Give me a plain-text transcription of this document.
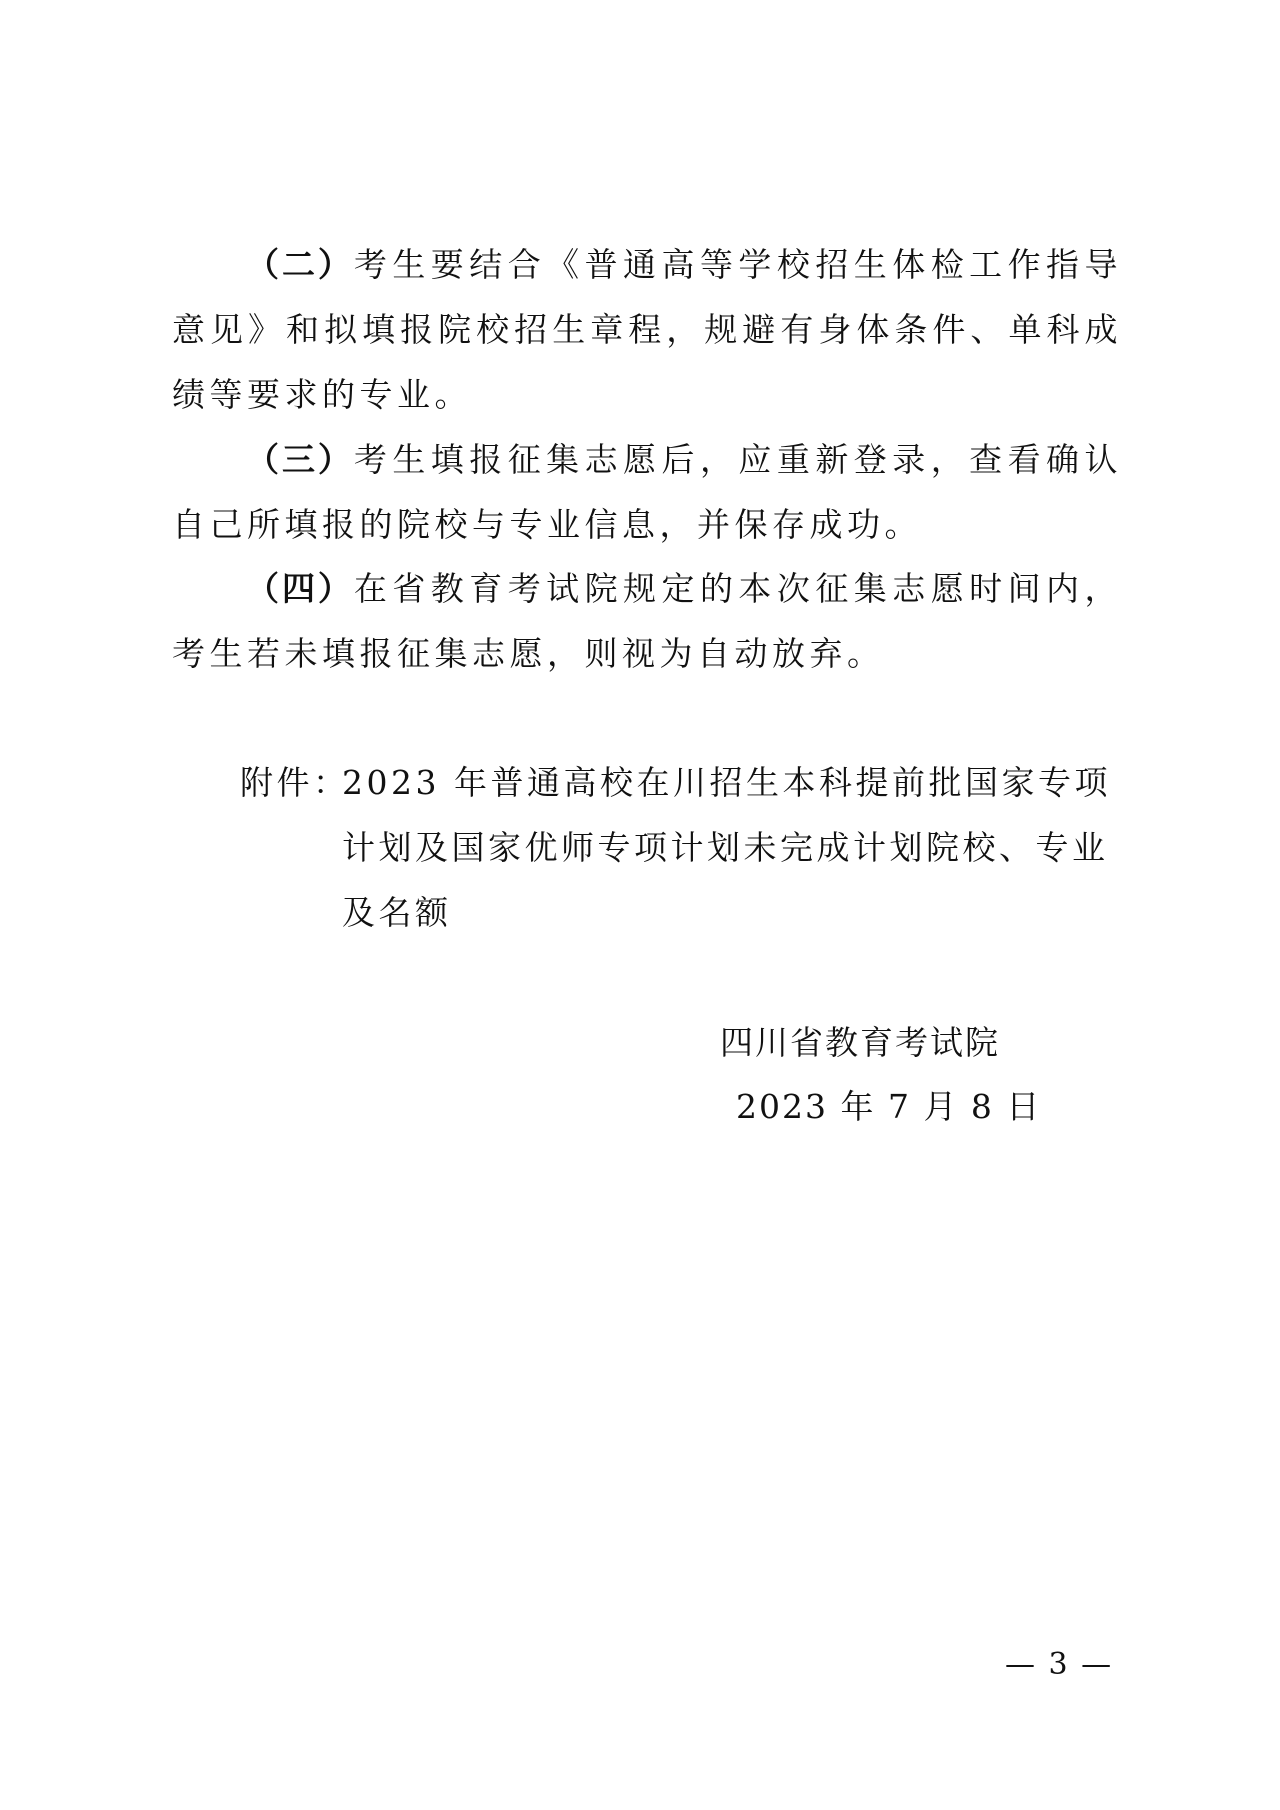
（二）考生要结合《普通高等学校招生体检工作指导意见》和拟填报院校招生章程，规避有身体条件、单科成绩等要求的专业。

（三）考生填报征集志愿后，应重新登录，查看确认自己所填报的院校与专业信息，并保存成功。

（四）在省教育考试院规定的本次征集志愿时间内，考生若未填报征集志愿，则视为自动放弃。

附件：
2023 年普通高校在川招生本科提前批国家专项计划及国家优师专项计划未完成计划院校、专业及名额
四川省教育考试院
2023 年 7 月 8 日
— 3 —
